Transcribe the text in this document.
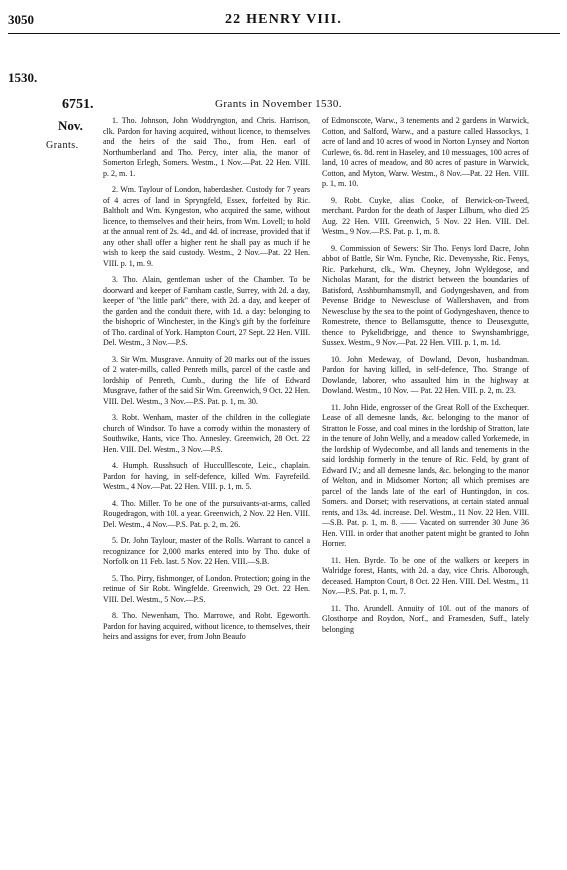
3050	22 HENRY VIII.
1530.
6751.	Grants in November 1530.
Nov.
Grants.

1. Tho. Johnson, John Woddryngton, and Chris. Harrison, clk. Pardon for having acquired, without licence, to themselves and the heirs of the said Tho., from Hen. earl of Northumberland and Tho. Percy, inter alia, the manor of Somerton Erlegh, Somers. Westm., 1 Nov.—Pat. 22 Hen. VIII. p. 2, m. 1.

2. Wm. Taylour of London, haberdasher. Custody for 7 years of 4 acres of land in Spryngfeld, Essex, forfeited by Ric. Baltholt and Wm. Kyngeston, who acquired the same, without licence, to themselves and their heirs, from Wm. Lovell; to hold at the annual rent of 2s. 4d., and 4d. of increase, provided that if any other shall offer a higher rent he shall pay as much if he wish to keep the said custody. Westm., 2 Nov.—Pat. 22 Hen. VIII. p. 1, m. 9.

3. Tho. Alain, gentleman usher of the Chamber. To be doorward and keeper of Farnham castle, Surrey, with 2d. a day, keeper of "the little park" there, with 2d. a day, and keeper of the garden and the conduit there, with 1d. a day: belonging to the bishopric of Winchester, in the King's gift by the forfeiture of Tho. cardinal of York. Hampton Court, 27 Sept. 22 Hen. VIII. Del. Westm., 3 Nov.—P.S.

3. Sir Wm. Musgrave. Annuity of 20 marks out of the issues of 2 water-mills, called Penreth mills, parcel of the castle and lordship of Penreth, Cumb., during the life of Edward Musgrave, father of the said Sir Wm. Greenwich, 9 Oct. 22 Hen. VIII. Del. Westm., 3 Nov.—P.S. Pat. p. 1, m. 30.

3. Robt. Wenham, master of the children in the collegiate church of Windsor. To have a corrody within the monastery of Southwike, Hants, vice Tho. Annesley. Greenwich, 28 Oct. 22 Hen. VIII. Del. Westm., 3 Nov.—P.S.

4. Humph. Russhsuch of Hucculllescote, Leic., chaplain. Pardon for having, in self-defence, killed Wm. Fayrefeild. Westm., 4 Nov.—Pat. 22 Hen. VIII. p. 1, m. 5.

4. Tho. Miller. To be one of the pursuivants-at-arms, called Rougedragon, with 10l. a year. Greenwich, 2 Nov. 22 Hen. VIII. Del. Westm., 4 Nov.—P.S. Pat. p. 2, m. 26.

5. Dr. John Taylour, master of the Rolls. Warrant to cancel a recognizance for 2,000 marks entered into by Tho. duke of Norfolk on 11 Feb. last. 5 Nov. 22 Hen. VIII.—S.B.

5. Tho. Pirry, fishmonger, of London. Protection; going in the retinue of Sir Robt. Wingfelde. Greenwich, 29 Oct. 22 Hen. VIII. Del. Westm., 5 Nov.—P.S.

8. Tho. Newenham, Tho. Marrowe, and Robt. Egeworth. Pardon for having acquired, without licence, to themselves, their heirs and assigns for ever, from John Beaufo

of Edmonscote, Warw., 3 tenements and 2 gardens in Warwick, Cotton, and Salford, Warw., and a pasture called Hassockys, 1 acre of land and 10 acres of wood in Norton Lynsey and Norton Curlewe, 6s. 8d. rent in Haseley, and 10 messuages, 100 acres of land, 10 acres of meadow, and 80 acres of pasture in Warwick, Cotton, and Myton, Warw. Westm., 8 Nov.—Pat. 22 Hen. VIII. p. 1, m. 10.

9. Robt. Cuyke, alias Cooke, of Berwick-on-Tweed, merchant. Pardon for the death of Jasper Lilburn, who died 25 Aug. 22 Hen. VIII. Greenwich, 5 Nov. 22 Hen. VIII. Del. Westm., 9 Nov.—P.S. Pat. p. 1, m. 8.

9. Commission of Sewers: Sir Tho. Fenys lord Dacre, John abbot of Battle, Sir Wm. Fynche, Ric. Devenysshe, Ric. Fenys, Ric. Parkehurst, clk., Wm. Cheyney, John Wyldegose, and Nicholas Marant, for the district between the boundaries of Batisford, Asshburnhamsmyll, and Godyngeshaven, and from Pevense Bridge to Newescluse of Wallershaven, and from Newescluse by the sea to the point of Godyngeshaven, thence to Romestrete, thence to Bellamsgutte, thence to Deusexgutte, thence to Pykelidbrigge, and thence to Swynshambrigge, Sussex. Westm., 9 Nov.—Pat. 22 Hen. VIII. p. 1, m. 1d.

10. John Medeway, of Dowland, Devon, husbandman. Pardon for having killed, in self-defence, Tho. Strange of Dowlande, laborer, who assaulted him in the highway at Dowland. Westm., 10 Nov. — Pat. 22 Hen. VIII. p. 2, m. 23.

11. John Hide, engrosser of the Great Roll of the Exchequer. Lease of all demesne lands, &c. belonging to the manor of Stratton le Fosse, and coal mines in the lordship of Stratton, late in the tenure of John Welly, and a meadow called Yorkemede, in the lordship of Wydecombe, and all lands and tenements in the said lordship formerly in the tenure of Ric. Feld, by grant of Edward IV.; and all demesne lands, &c. belonging to the manor of Welton, and in Midsomer Norton; all which premises are parcel of the lands late of the earl of Huntingdon, in cos. Somers. and Dorset; with reservations, at certain stated annual rents, and 13s. 4d. increase. Del. Westm., 11 Nov. 22 Hen. VIII.—S.B. Pat. p. 1, m. 8. —— Vacated on surrender 30 June 36 Hen. VIII. in order that another patent might be granted to John Horner.

11. Hen. Byrde. To be one of the walkers or keepers in Walridge forest, Hants, with 2d. a day, vice Chris. Alborough, deceased. Hampton Court, 8 Oct. 22 Hen. VIII. Del. Westm., 11 Nov.—P.S. Pat. p. 1, m. 7.

11. Tho. Arundell. Annuity of 10l. out of the manors of Glosthorpe and Roydon, Norf., and Framesden, Suff., lately belonging
